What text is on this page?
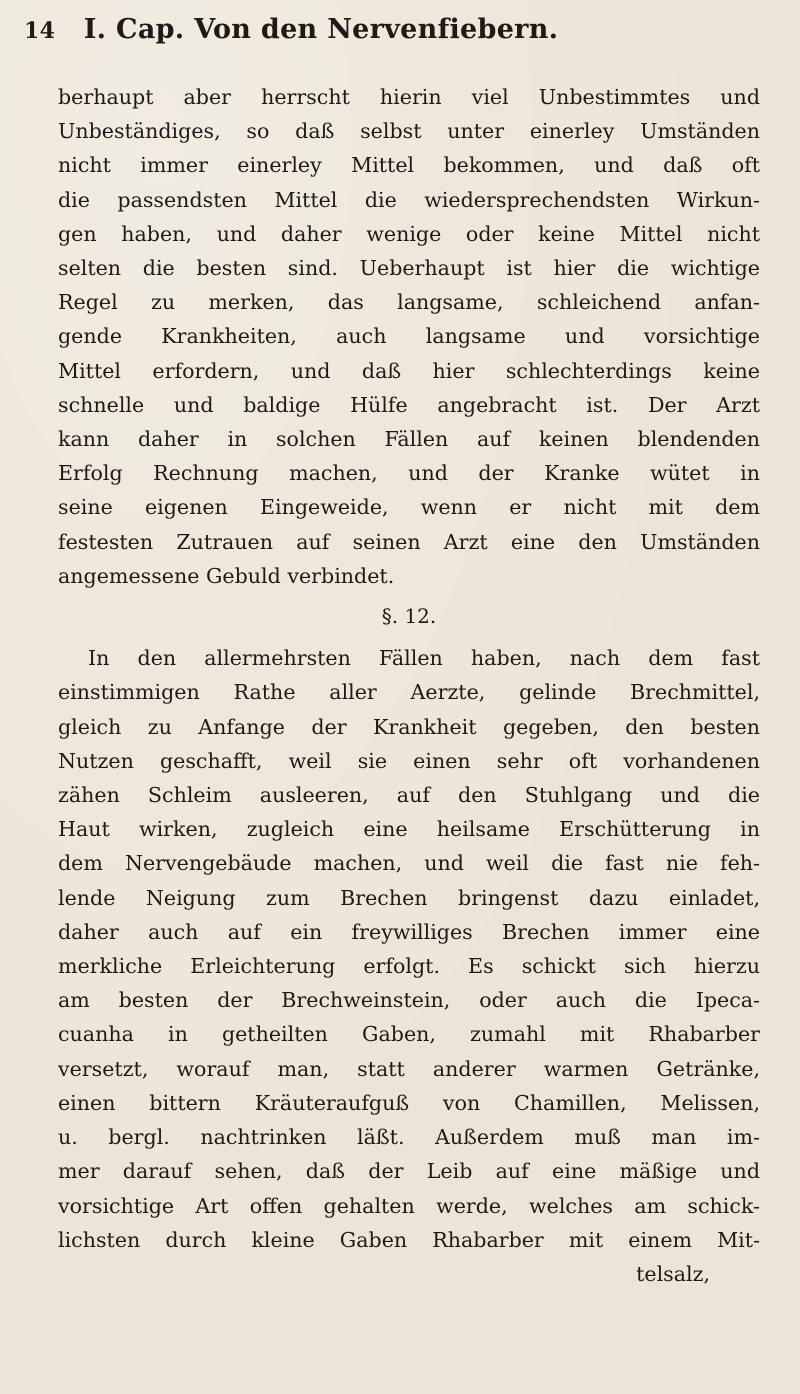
14 I. Cap. Von den Nervenfiebern.
berhaupt aber herrscht hierin viel Unbestimmtes und
Unbeständiges, so daß selbst unter einerley Umständen
nicht immer einerley Mittel bekommen, und daß oft
die passendsten Mittel die wiedersprechendsten Wirkun-
gen haben, und daher wenige oder keine Mittel nicht
selten die besten sind. Ueberhaupt ist hier die wichtige
Regel zu merken, das langsame, schleichend anfan-
gende Krankheiten, auch langsame und vorsichtige
Mittel erfordern, und daß hier schlechterdings keine
schnelle und baldige Hülfe angebracht ist. Der Arzt
kann daher in solchen Fällen auf keinen blendenden
Erfolg Rechnung machen, und der Kranke wütet in
seine eigenen Eingeweide, wenn er nicht mit dem
festesten Zutrauen auf seinen Arzt eine den Umständen
angemessene Gebuld verbindet.
§. 12.
In den allermehrsten Fällen haben, nach dem fast
einstimmigen Rathe aller Aerzte, gelinde Brechmittel,
gleich zu Anfange der Krankheit gegeben, den besten
Nutzen geschafft, weil sie einen sehr oft vorhandenen
zähen Schleim ausleeren, auf den Stuhlgang und die
Haut wirken, zugleich eine heilsame Erschütterung in
dem Nervengebäude machen, und weil die fast nie feh-
lende Neigung zum Brechen bringenst dazu einladet,
daher auch auf ein freywilliges Brechen immer eine
merkliche Erleichterung erfolgt. Es schickt sich hierzu
am besten der Brechweinstein, oder auch die Ipeca-
cuanha in getheilten Gaben, zumahl mit Rhabarber
versetzt, worauf man, statt anderer warmen Getränke,
einen bittern Kräuteraufguß von Chamillen, Melissen,
u. bergl. nachtrinken läßt. Außerdem muß man im-
mer darauf sehen, daß der Leib auf eine mäßige und
vorsichtige Art offen gehalten werde, welches am schick-
lichsten durch kleine Gaben Rhabarber mit einem Mit-
telsalz,
